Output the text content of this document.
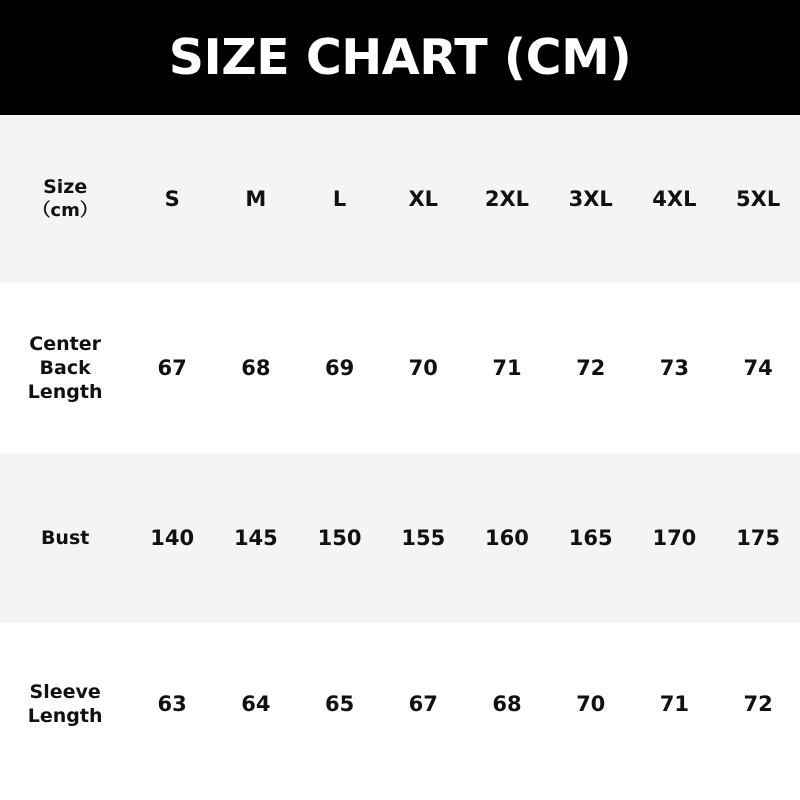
SIZE CHART (CM)
Size
（cm）	S	M	L	XL	2XL	3XL	4XL	5XL

Center
Back
Length	67	68	69	70	71	72	73	74

Bust	140	145	150	155	160	165	170	175

Sleeve
Length	63	64	65	67	68	70	71	72
